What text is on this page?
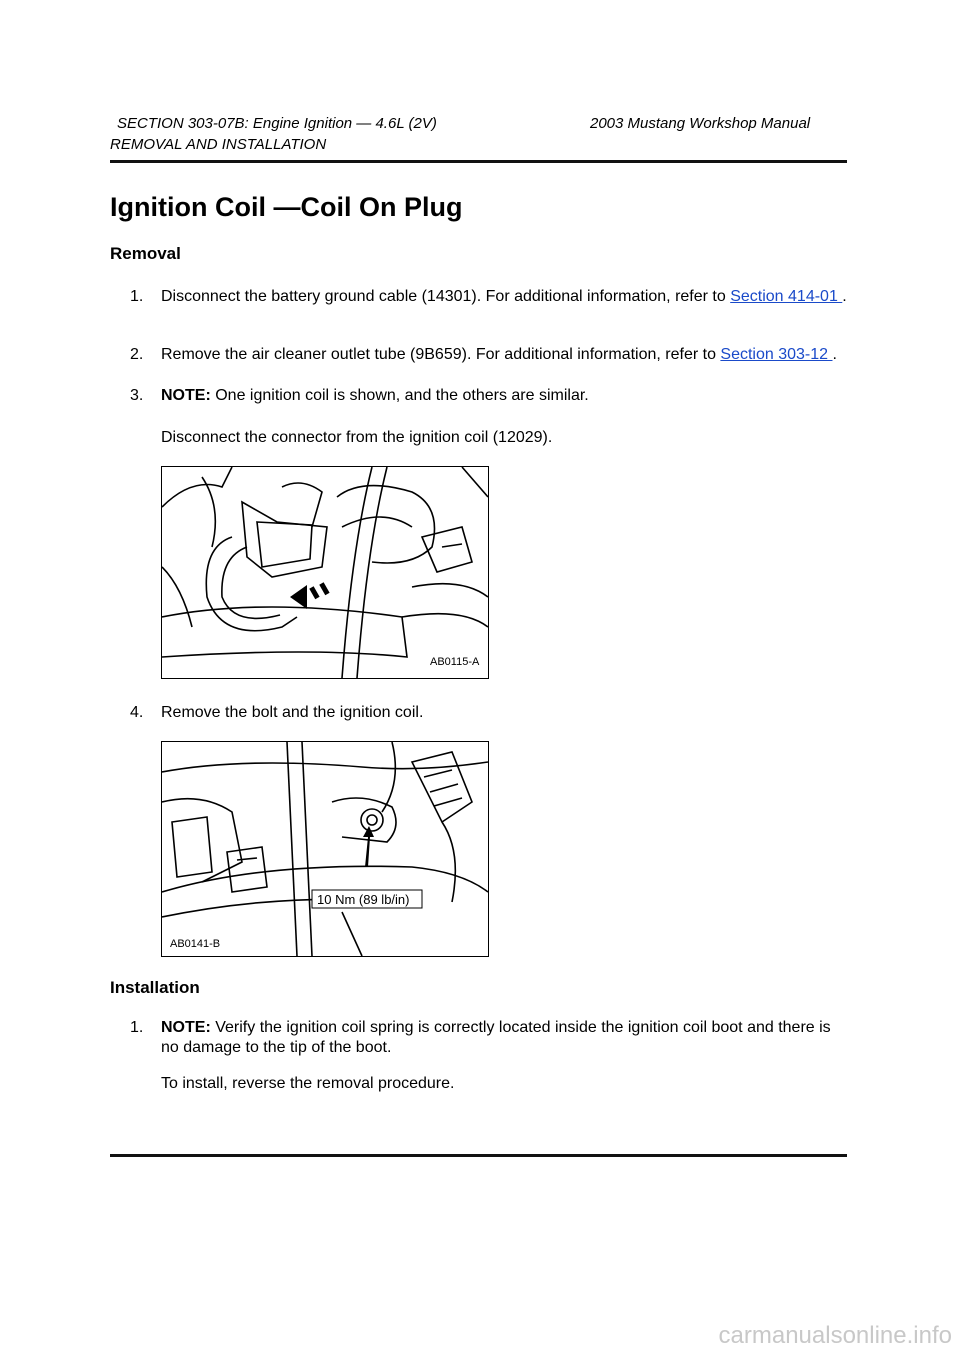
SECTION 303-07B: Engine Ignition — 4.6L (2V)	2003 Mustang Workshop Manual
REMOVAL AND INSTALLATION
Ignition Coil —Coil On Plug
Removal
1. Disconnect the battery ground cable (14301). For additional information, refer to Section 414-01 .
2. Remove the air cleaner outlet tube (9B659). For additional information, refer to Section 303-12 .
3. NOTE: One ignition coil is shown, and the others are similar.
Disconnect the connector from the ignition coil (12029).
AB0115-A
4. Remove the bolt and the ignition coil.
10 Nm (89 lb/in)
AB0141-B
Installation
1. NOTE: Verify the ignition coil spring is correctly located inside the ignition coil boot and there is no damage to the tip of the boot.
To install, reverse the removal procedure.
carmanualsonline.info
